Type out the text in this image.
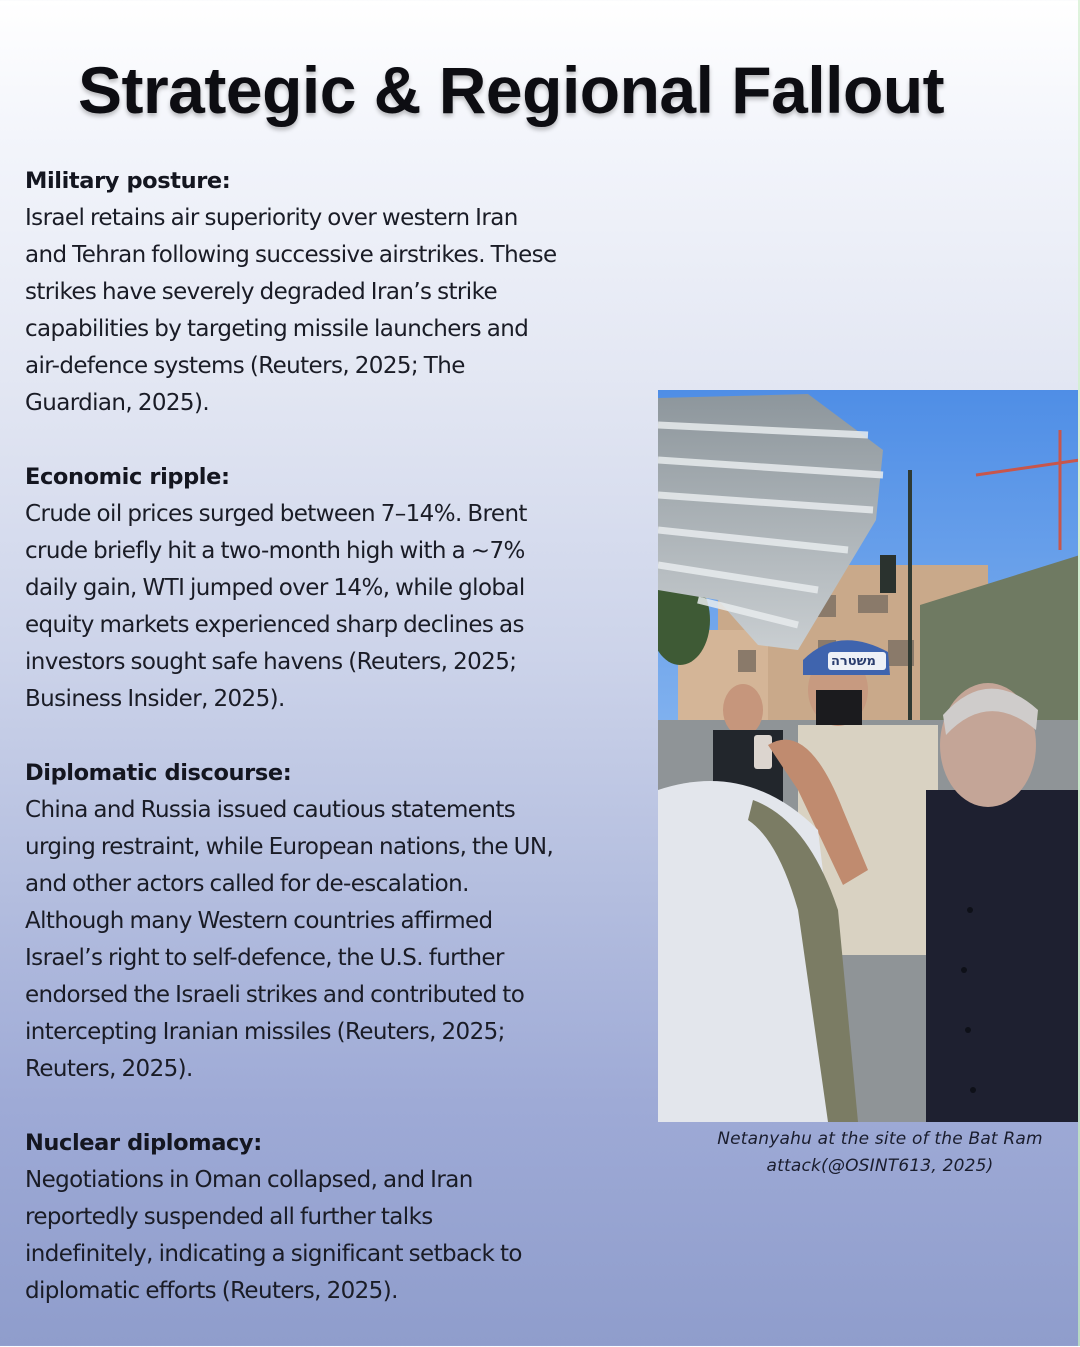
Strategic & Regional Fallout

Military posture:

Israel retains air superiority over western Iran
and Tehran following successive airstrikes. These
strikes have severely degraded Iran’s strike
capabilities by targeting missile launchers and
air-defence systems (Reuters, 2025; The
Guardian, 2025).

Economic ripple:

Crude oil prices surged between 7–14%. Brent
crude briefly hit a two-month high with a ~7%
daily gain, WTI jumped over 14%, while global
equity markets experienced sharp declines as
investors sought safe havens (Reuters, 2025;
Business Insider, 2025).

Diplomatic discourse:

China and Russia issued cautious statements
urging restraint, while European nations, the UN,
and other actors called for de-escalation.
Although many Western countries affirmed
Israel’s right to self-defence, the U.S. further
endorsed the Israeli strikes and contributed to
intercepting Iranian missiles (Reuters, 2025;
Reuters, 2025).

Nuclear diplomacy:

Negotiations in Oman collapsed, and Iran
reportedly suspended all further talks
indefinitely, indicating a significant setback to
diplomatic efforts (Reuters, 2025).

משטרה
Netanyahu at the site of the Bat Ram
attack(@OSINT613, 2025)
